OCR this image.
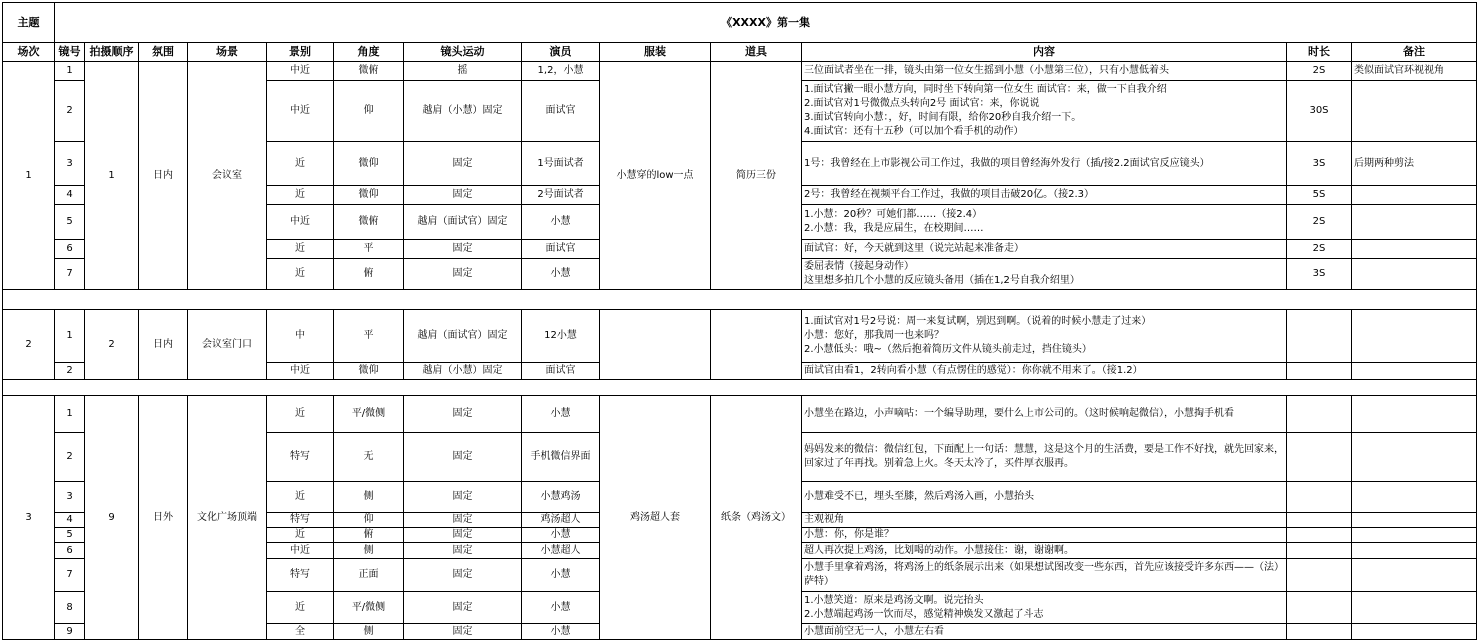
主题	《XXXX》第一集												
场次	镜号	拍摄顺序	氛围	场景	景别	角度	镜头运动	演员	服装	道具	内容	时长	备注
1	1	1	日内	会议室	中近	微俯	摇	1,2，小慧	小慧穿的low一点	简历三份	三位面试者坐在一排，镜头由第一位女生摇到小慧（小慧第三位），只有小慧低着头	2S	类似面试官环视视角
	2				中近	仰	越肩（小慧）固定	面试官			1.面试官撇一眼小慧方向，同时坐下转向第一位女生 面试官：来，做一下自我介绍
2.面试官对1号微微点头转向2号 面试官：来，你说说
3.面试官转向小慧：，好，时间有限，给你20秒自我介绍一下。
4.面试官：还有十五秒（可以加个看手机的动作）	30S	
	3				近	微仰	固定	1号面试者			1号：我曾经在上市影视公司工作过，我做的项目曾经海外发行（插/接2.2面试官反应镜头）	3S	后期两种剪法
	4				近	微仰	固定	2号面试者			2号：我曾经在视频平台工作过，我做的项目击破20亿。（接2.3）	5S	
	5				中近	微俯	越肩（面试官）固定	小慧			1.小慧：20秒？可她们都……（接2.4）
2.小慧：我，我是应届生，在校期间……	2S	
	6				近	平	固定	面试官			面试官：好，今天就到这里（说完站起来准备走）	2S	
	7				近	俯	固定	小慧			委屈表情（接起身动作）
这里想多拍几个小慧的反应镜头备用（插在1,2号自我介绍里）	3S	

2	1	2	日内	会议室门口	中	平	越肩（面试官）固定	12小慧			1.面试官对1号2号说：周一来复试啊，别迟到啊。（说着的时候小慧走了过来）
小慧：您好，那我周一也来吗？
2.小慧低头：哦~（然后抱着简历文件从镜头前走过，挡住镜头）		
	2				中近	微仰	越肩（小慧）固定	面试官			面试官由看1，2转向看小慧（有点愣住的感觉）：你你就不用来了。（接1.2）		

3	1	9	日外	文化广场顶端	近	平/微侧	固定	小慧	鸡汤超人套	纸条（鸡汤文）	小慧坐在路边，小声嘀咕：一个编导助理，要什么上市公司的。（这时候响起微信），小慧掏手机看		
	2				特写	无	固定	手机微信界面			妈妈发来的微信：微信红包，下面配上一句话：慧慧，这是这个月的生活费，要是工作不好找，就先回家来，回家过了年再找。别着急上火。冬天太冷了，买件厚衣服再。		
	3				近	侧	固定	小慧鸡汤			小慧难受不已，埋头至膝，然后鸡汤入画，小慧抬头		
	4				特写	仰	固定	鸡汤超人			主观视角		
	5				近	俯	固定	小慧			小慧：你，你是谁？		
	6				中近	侧	固定	小慧超人			超人再次提上鸡汤，比划喝的动作。小慧接住：谢，谢谢啊。		
	7				特写	正面	固定	小慧			小慧手里拿着鸡汤，将鸡汤上的纸条展示出来（如果想试图改变一些东西，首先应该接受许多东西——（法）萨特）		
	8				近	平/微侧	固定	小慧			1.小慧笑道：原来是鸡汤文啊。说完抬头
2.小慧端起鸡汤一饮而尽，感觉精神焕发又激起了斗志		
	9				全	侧	固定	小慧			小慧面前空无一人，小慧左右看		
